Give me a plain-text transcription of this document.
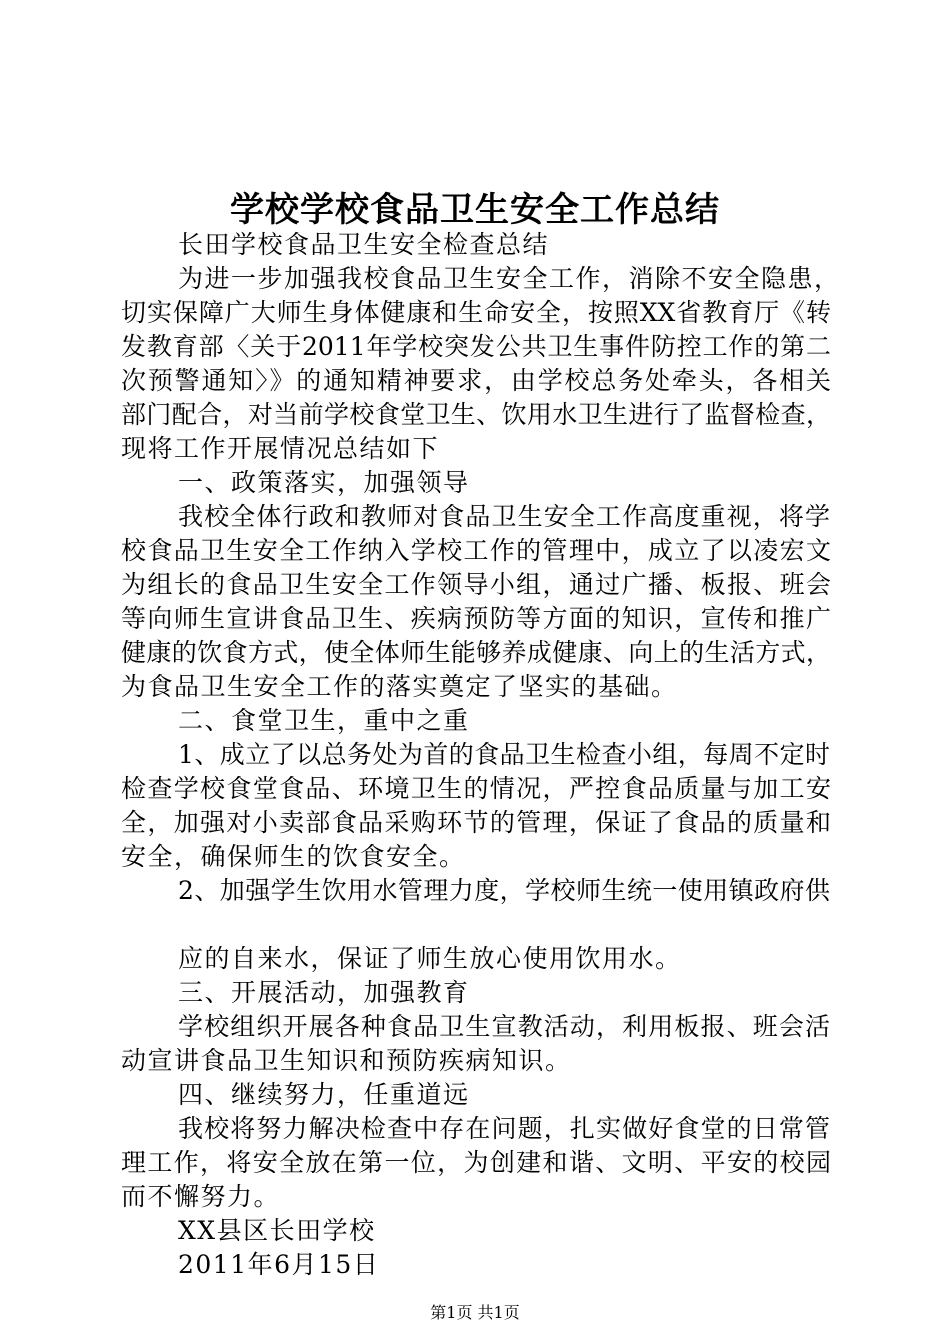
学校学校食品卫生安全工作总结
长田学校食品卫生安全检查总结
为进一步加强我校食品卫生安全工作，消除不安全隐患，
切实保障广大师生身体健康和生命安全，按照XX省教育厅《转
发教育部〈关于2011年学校突发公共卫生事件防控工作的第二
次预警通知〉》的通知精神要求，由学校总务处牵头，各相关
部门配合，对当前学校食堂卫生、饮用水卫生进行了监督检查，
现将工作开展情况总结如下
一、政策落实，加强领导
我校全体行政和教师对食品卫生安全工作高度重视，将学
校食品卫生安全工作纳入学校工作的管理中，成立了以凌宏文
为组长的食品卫生安全工作领导小组，通过广播、板报、班会
等向师生宣讲食品卫生、疾病预防等方面的知识，宣传和推广
健康的饮食方式，使全体师生能够养成健康、向上的生活方式，
为食品卫生安全工作的落实奠定了坚实的基础。
二、食堂卫生，重中之重
1、成立了以总务处为首的食品卫生检查小组，每周不定时
检查学校食堂食品、环境卫生的情况，严控食品质量与加工安
全，加强对小卖部食品采购环节的管理，保证了食品的质量和
安全，确保师生的饮食安全。
2、加强学生饮用水管理力度，学校师生统一使用镇政府供
应的自来水，保证了师生放心使用饮用水。
三、开展活动，加强教育
学校组织开展各种食品卫生宣教活动，利用板报、班会活
动宣讲食品卫生知识和预防疾病知识。
四、继续努力，任重道远
我校将努力解决检查中存在问题，扎实做好食堂的日常管
理工作，将安全放在第一位，为创建和谐、文明、平安的校园
而不懈努力。
XX县区长田学校
2011年6月15日
第1页 共1页
